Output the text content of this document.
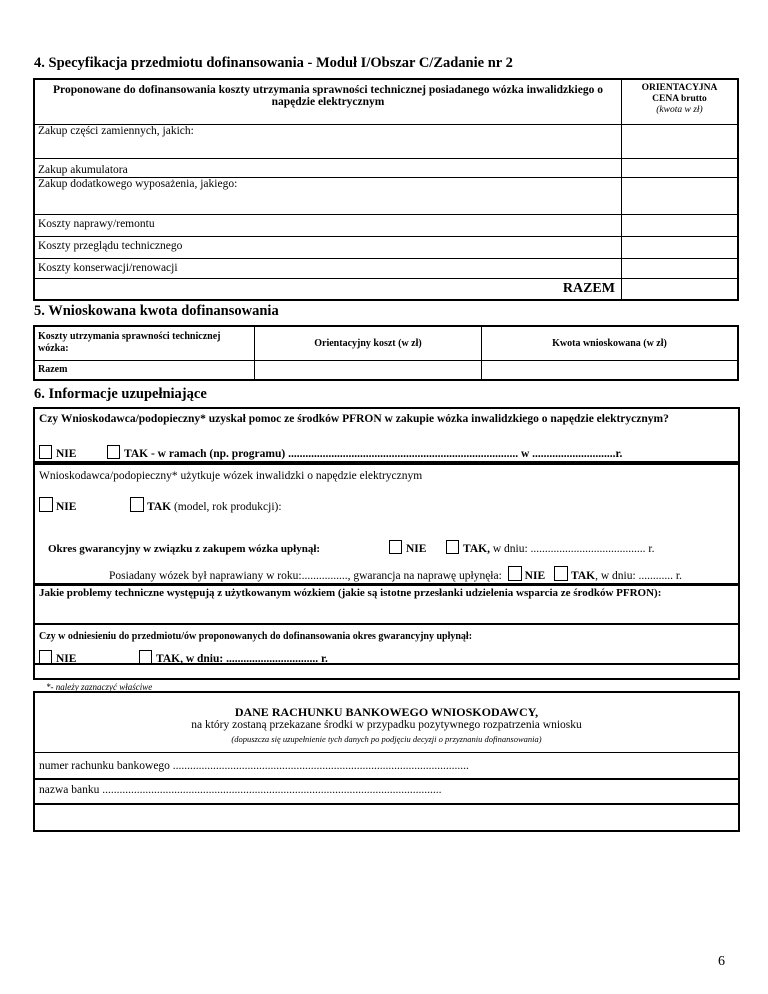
4. Specyfikacja przedmiotu dofinansowania - Moduł I/Obszar C/Zadanie nr 2
Proponowane do dofinansowania koszty utrzymania sprawności technicznej posiadanego wózka inwalidzkiego o napędzie elektrycznym	ORIENTACYJNA
CENA brutto
(kwota w zł)

Zakup części zamiennych, jakich:	
Zakup akumulatora	
Zakup dodatkowego wyposażenia, jakiego:	
Koszty naprawy/remontu	
Koszty przeglądu technicznego	
Koszty konserwacji/renowacji	
RAZEM	
5. Wnioskowana kwota dofinansowania
Koszty utrzymania sprawności technicznej wózka:	Orientacyjny koszt (w zł)	Kwota wnioskowana (w zł)
Razem		
6. Informacje uzupełniające
Czy Wnioskodawca/podopieczny* uzyskał pomoc ze środków PFRON w zakupie wózka inwalidzkiego o napędzie elektrycznym?
NIE	TAK - w ramach (np. programu) ................................................................................ w .............................r.
Wnioskodawca/podopieczny* użytkuje wózek inwalidzki o napędzie elektrycznym
NIE	TAK (model, rok produkcji):
Okres gwarancyjny w związku z zakupem wózka upłynął:	NIE	TAK, w dniu: ........................................ r.
Posiadany wózek był naprawiany w roku:................, gwarancja na naprawę upłynęła: NIE TAK, w dniu: ............ r.
Jakie problemy techniczne występują z użytkowanym wózkiem (jakie są istotne przesłanki udzielenia wsparcia ze środków PFRON):
Czy w odniesieniu do przedmiotu/ów proponowanych do dofinansowania okres gwarancyjny upłynął:
NIE	TAK, w dniu: ................................ r.
*- należy zaznaczyć właściwe
DANE RACHUNKU BANKOWEGO WNIOSKODAWCY,
na który zostaną przekazane środki w przypadku pozytywnego rozpatrzenia wniosku
(dopuszcza się uzupełnienie tych danych po podjęciu decyzji o przyznaniu dofinansowania)
numer rachunku bankowego .......................................................................................................
nazwa banku ......................................................................................................................
6
